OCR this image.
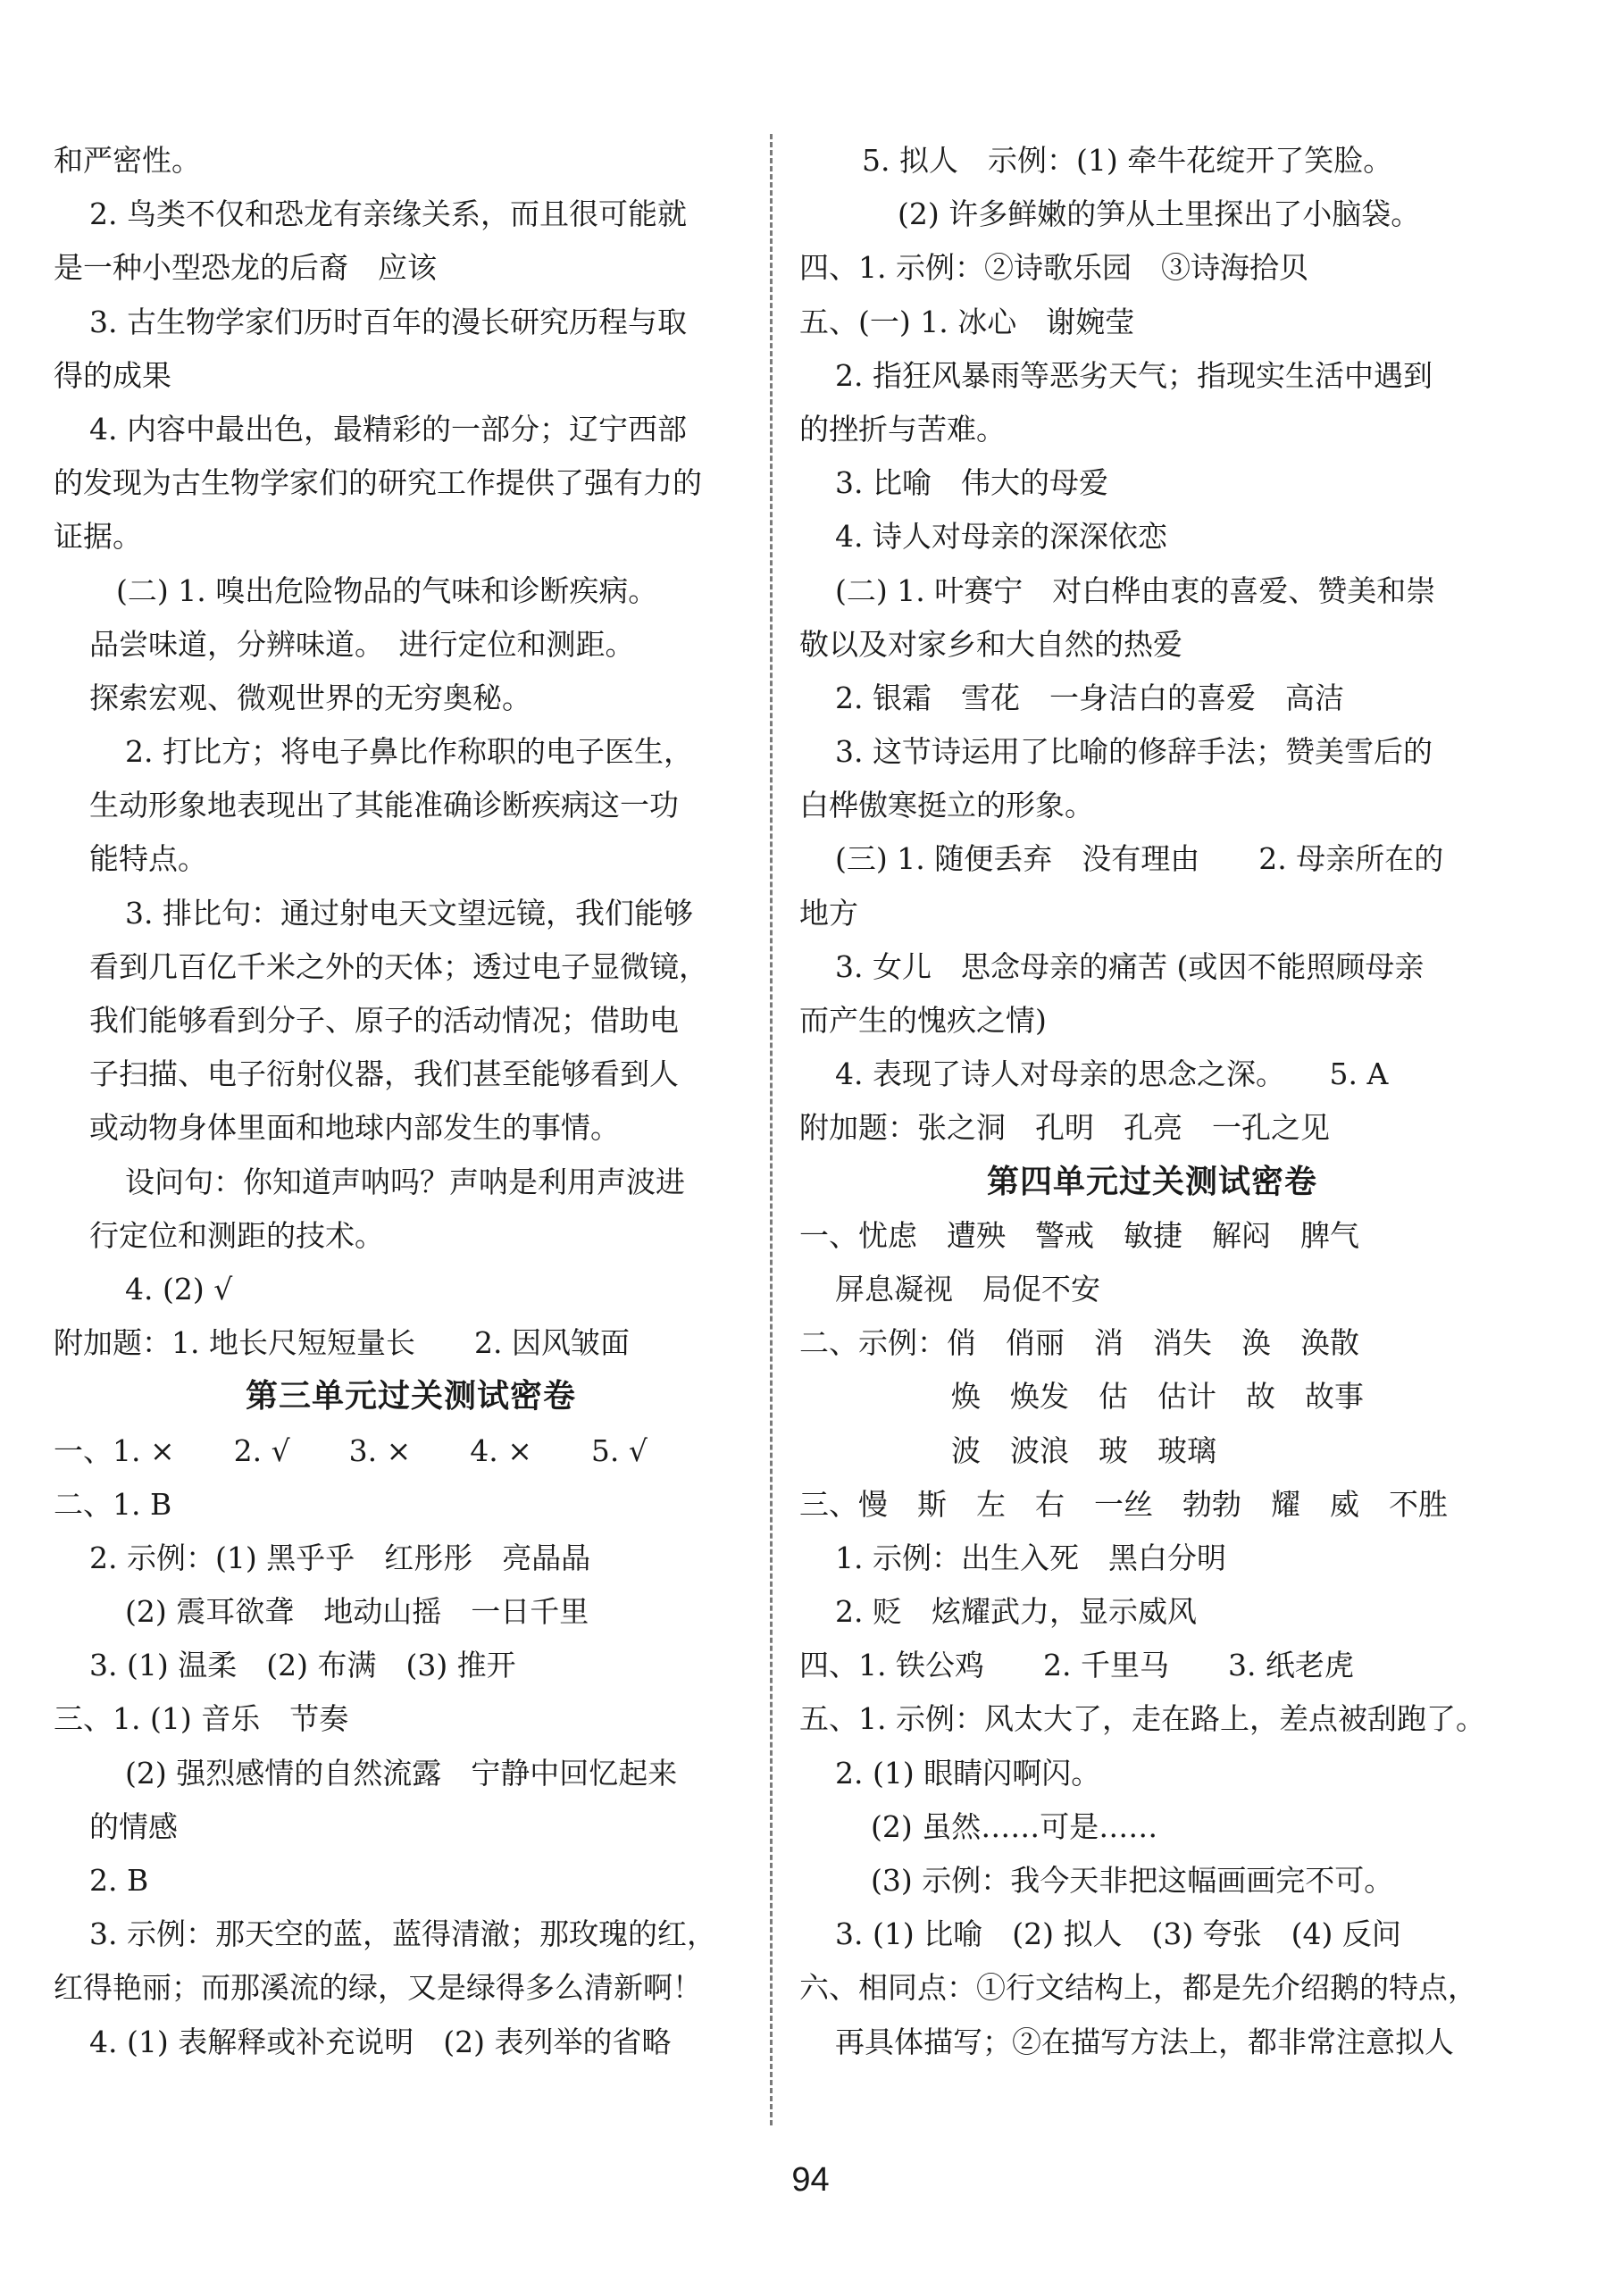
和严密性。
2. 鸟类不仅和恐龙有亲缘关系，而且很可能就
是一种小型恐龙的后裔　应该
3. 古生物学家们历时百年的漫长研究历程与取
得的成果
4. 内容中最出色，最精彩的一部分；辽宁西部
的发现为古生物学家们的研究工作提供了强有力的
证据。
(二) 1. 嗅出危险物品的气味和诊断疾病。
品尝味道，分辨味道。　进行定位和测距。
探索宏观、微观世界的无穷奥秘。
2. 打比方；将电子鼻比作称职的电子医生，
生动形象地表现出了其能准确诊断疾病这一功
能特点。
3. 排比句：通过射电天文望远镜，我们能够
看到几百亿千米之外的天体；透过电子显微镜，
我们能够看到分子、原子的活动情况；借助电
子扫描、电子衍射仪器，我们甚至能够看到人
或动物身体里面和地球内部发生的事情。
设问句：你知道声呐吗？声呐是利用声波进
行定位和测距的技术。
4. (2) √
附加题：1. 地长尺短短量长　　2. 因风皱面
第三单元过关测试密卷
一、1. ×　　2. √　　3. ×　　4. ×　　5. √
二、1. B
2. 示例：(1) 黑乎乎　红彤彤　亮晶晶
(2) 震耳欲聋　地动山摇　一日千里
3. (1) 温柔　(2) 布满　(3) 推开
三、1. (1) 音乐　节奏
(2) 强烈感情的自然流露　宁静中回忆起来
的情感
2. B
3. 示例：那天空的蓝，蓝得清澈；那玫瑰的红，
红得艳丽；而那溪流的绿，又是绿得多么清新啊！
4. (1) 表解释或补充说明　(2) 表列举的省略
5. 拟人　示例：(1) 牵牛花绽开了笑脸。
(2) 许多鲜嫩的笋从土里探出了小脑袋。
四、1. 示例：②诗歌乐园　③诗海拾贝
五、(一) 1. 冰心　谢婉莹
2. 指狂风暴雨等恶劣天气；指现实生活中遇到
的挫折与苦难。
3. 比喻　伟大的母爱
4. 诗人对母亲的深深依恋
(二) 1. 叶赛宁　对白桦由衷的喜爱、赞美和崇
敬以及对家乡和大自然的热爱
2. 银霜　雪花　一身洁白的喜爱　高洁
3. 这节诗运用了比喻的修辞手法；赞美雪后的
白桦傲寒挺立的形象。
(三) 1. 随便丢弃　没有理由　　2. 母亲所在的
地方
3. 女儿　思念母亲的痛苦 (或因不能照顾母亲
而产生的愧疚之情)
4. 表现了诗人对母亲的思念之深。　　5. A
附加题：张之洞　孔明　孔亮　一孔之见
第四单元过关测试密卷
一、忧虑　遭殃　警戒　敏捷　解闷　脾气
屏息凝视　局促不安
二、示例：俏　俏丽　消　消失　涣　涣散
焕　焕发　估　估计　故　故事
波　波浪　玻　玻璃
三、慢　斯　左　右　一丝　勃勃　耀　威　不胜
1. 示例：出生入死　黑白分明
2. 贬　炫耀武力，显示威风
四、1. 铁公鸡　　2. 千里马　　3. 纸老虎
五、1. 示例：风太大了，走在路上，差点被刮跑了。
2. (1) 眼睛闪啊闪。
(2) 虽然……可是……
(3) 示例：我今天非把这幅画画完不可。
3. (1) 比喻　(2) 拟人　(3) 夸张　(4) 反问
六、相同点：①行文结构上，都是先介绍鹅的特点，
再具体描写；②在描写方法上，都非常注意拟人
94
